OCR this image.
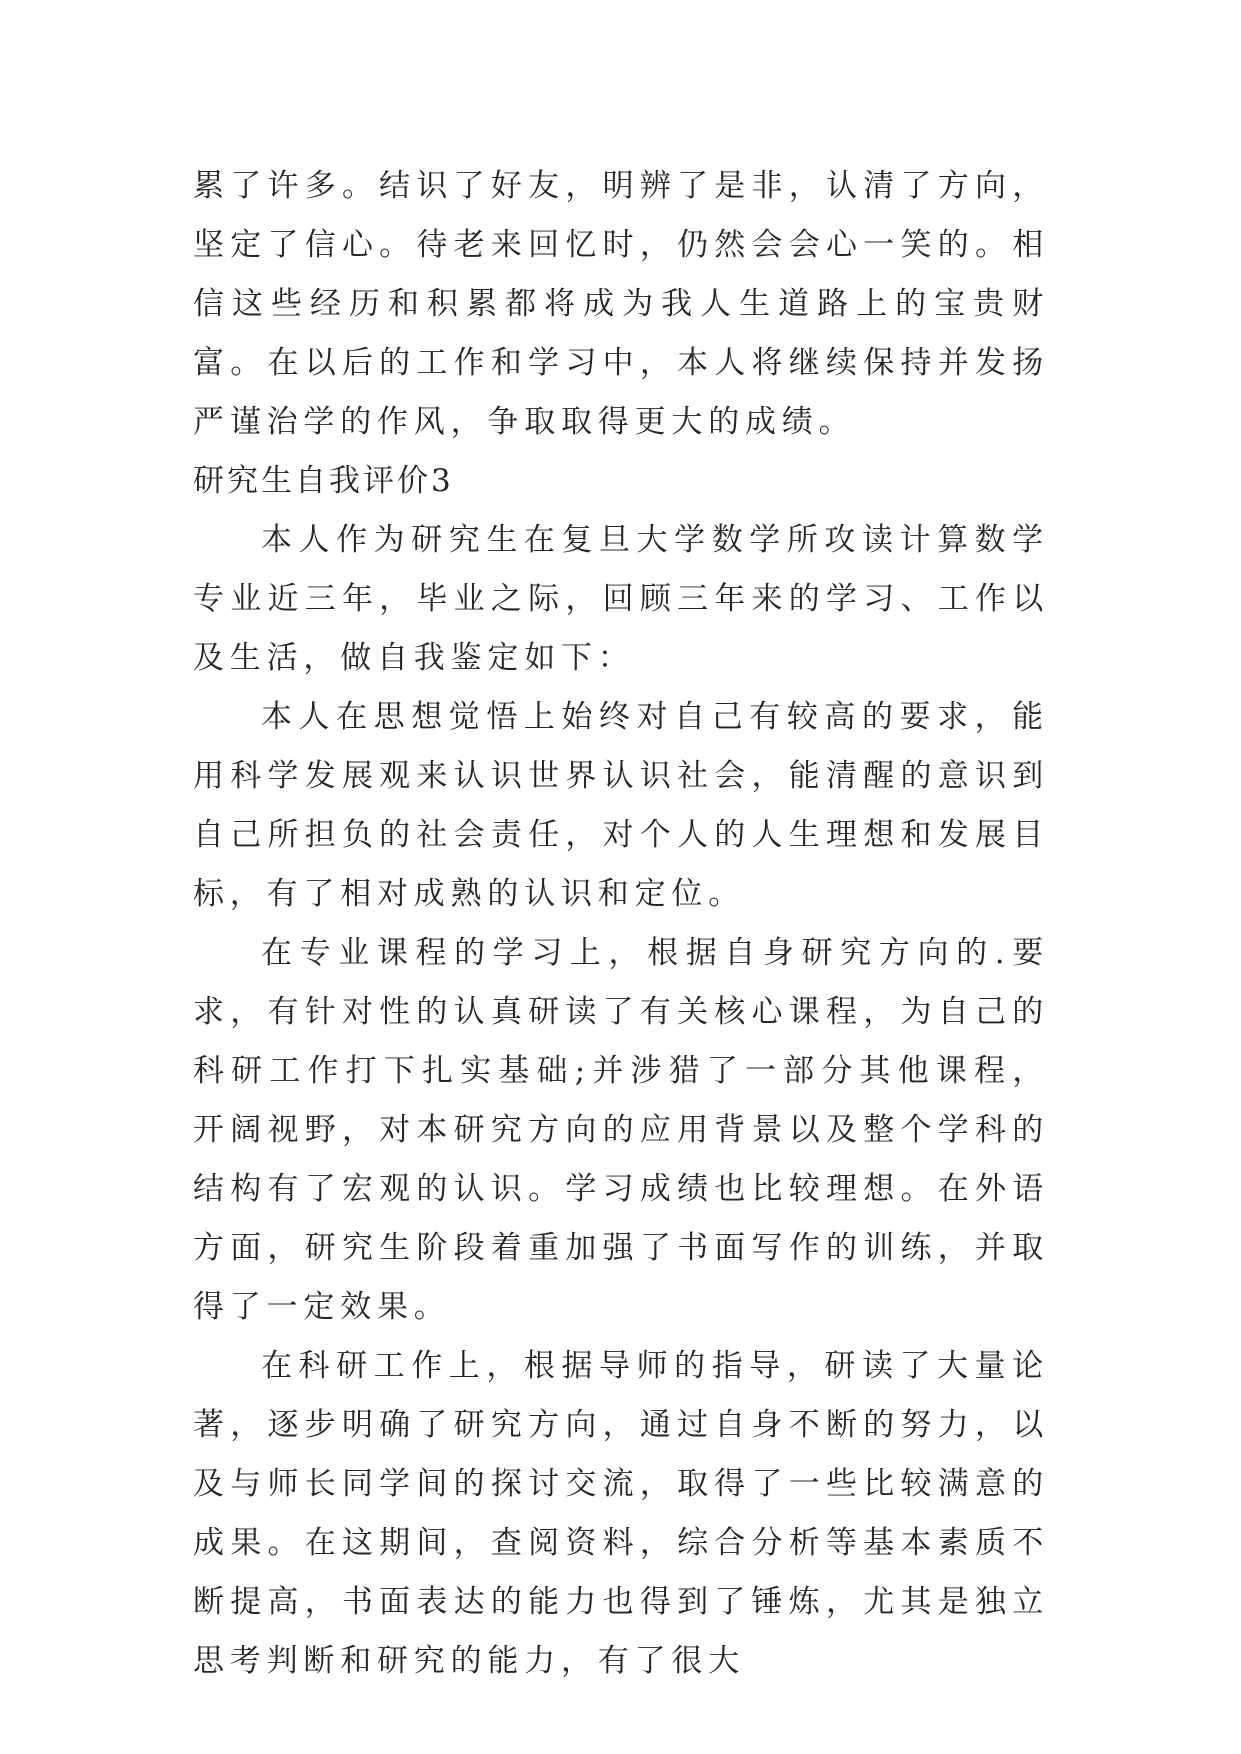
累了许多。结识了好友，明辨了是非，认清了方向，坚定了信心。待老来回忆时，仍然会会心一笑的。相信这些经历和积累都将成为我人生道路上的宝贵财富。在以后的工作和学习中，本人将继续保持并发扬严谨治学的作风，争取取得更大的成绩。

研究生自我评价3

本人作为研究生在复旦大学数学所攻读计算数学专业近三年，毕业之际，回顾三年来的学习、工作以及生活，做自我鉴定如下：

本人在思想觉悟上始终对自己有较高的要求，能用科学发展观来认识世界认识社会，能清醒的意识到自己所担负的社会责任，对个人的人生理想和发展目标，有了相对成熟的认识和定位。

在专业课程的学习上，根据自身研究方向的.要求，有针对性的认真研读了有关核心课程，为自己的科研工作打下扎实基础;并涉猎了一部分其他课程，开阔视野，对本研究方向的应用背景以及整个学科的结构有了宏观的认识。学习成绩也比较理想。在外语方面，研究生阶段着重加强了书面写作的训练，并取得了一定效果。

在科研工作上，根据导师的指导，研读了大量论著，逐步明确了研究方向，通过自身不断的努力，以及与师长同学间的探讨交流，取得了一些比较满意的成果。在这期间，查阅资料，综合分析等基本素质不断提高，书面表达的能力也得到了锤炼，尤其是独立思考判断和研究的能力，有了很大
